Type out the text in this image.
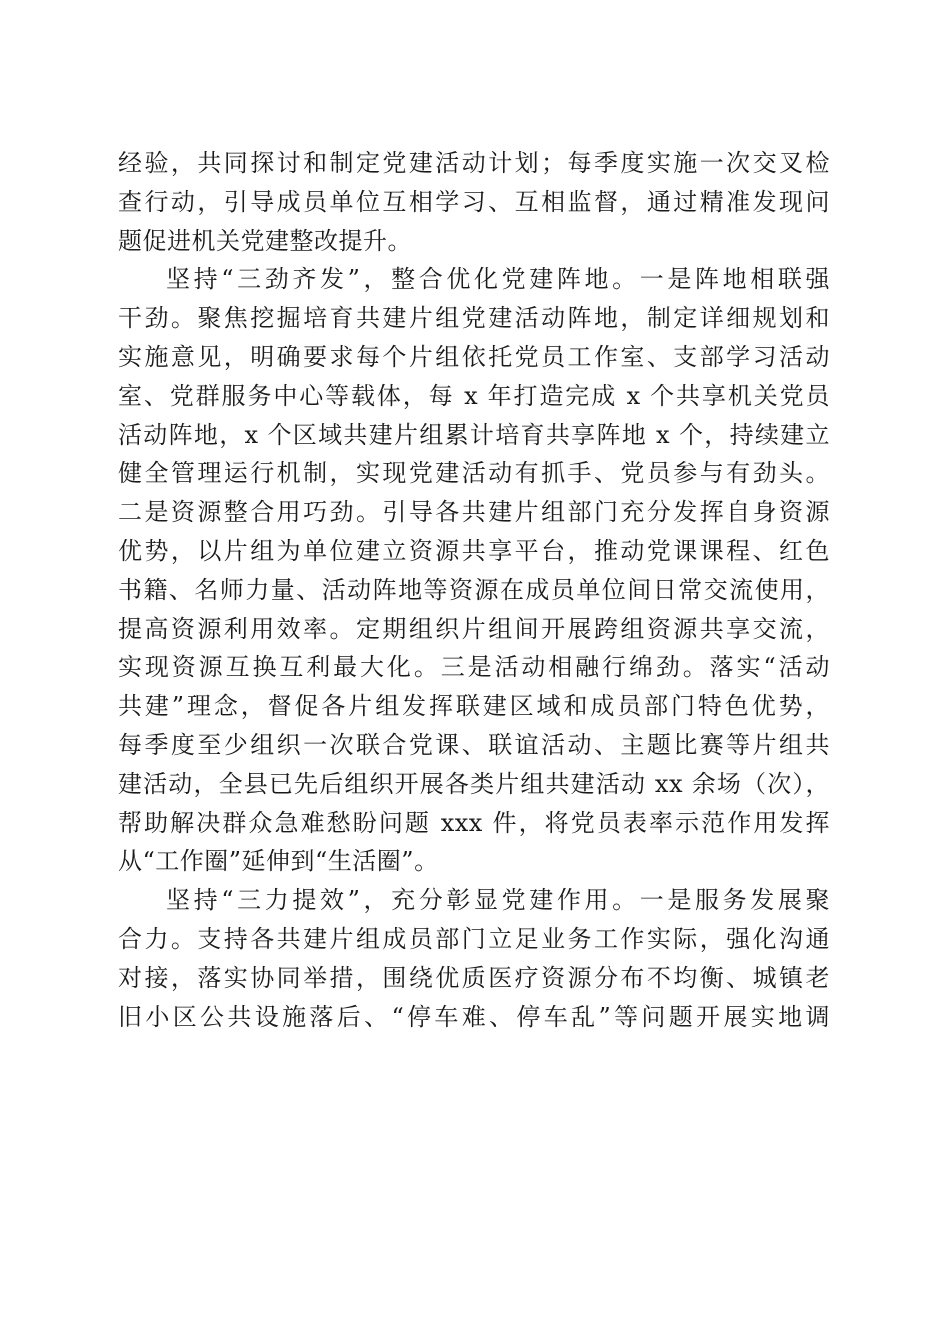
经验，共同探讨和制定党建活动计划；每季度实施一次交叉检
查行动，引导成员单位互相学习、互相监督，通过精准发现问
题促进机关党建整改提升。
坚持“三劲齐发”，整合优化党建阵地。一是阵地相联强
干劲。聚焦挖掘培育共建片组党建活动阵地，制定详细规划和
实施意见，明确要求每个片组依托党员工作室、支部学习活动
室、党群服务中心等载体，每 x 年打造完成 x 个共享机关党员
活动阵地，x 个区域共建片组累计培育共享阵地 x 个，持续建立
健全管理运行机制，实现党建活动有抓手、党员参与有劲头。
二是资源整合用巧劲。引导各共建片组部门充分发挥自身资源
优势，以片组为单位建立资源共享平台，推动党课课程、红色
书籍、名师力量、活动阵地等资源在成员单位间日常交流使用，
提高资源利用效率。定期组织片组间开展跨组资源共享交流，
实现资源互换互利最大化。三是活动相融行绵劲。落实“活动
共建”理念，督促各片组发挥联建区域和成员部门特色优势，
每季度至少组织一次联合党课、联谊活动、主题比赛等片组共
建活动，全县已先后组织开展各类片组共建活动 xx 余场（次），
帮助解决群众急难愁盼问题 xxx 件，将党员表率示范作用发挥
从“工作圈”延伸到“生活圈”。
坚持“三力提效”，充分彰显党建作用。一是服务发展聚
合力。支持各共建片组成员部门立足业务工作实际，强化沟通
对接，落实协同举措，围绕优质医疗资源分布不均衡、城镇老
旧小区公共设施落后、“停车难、停车乱”等问题开展实地调
